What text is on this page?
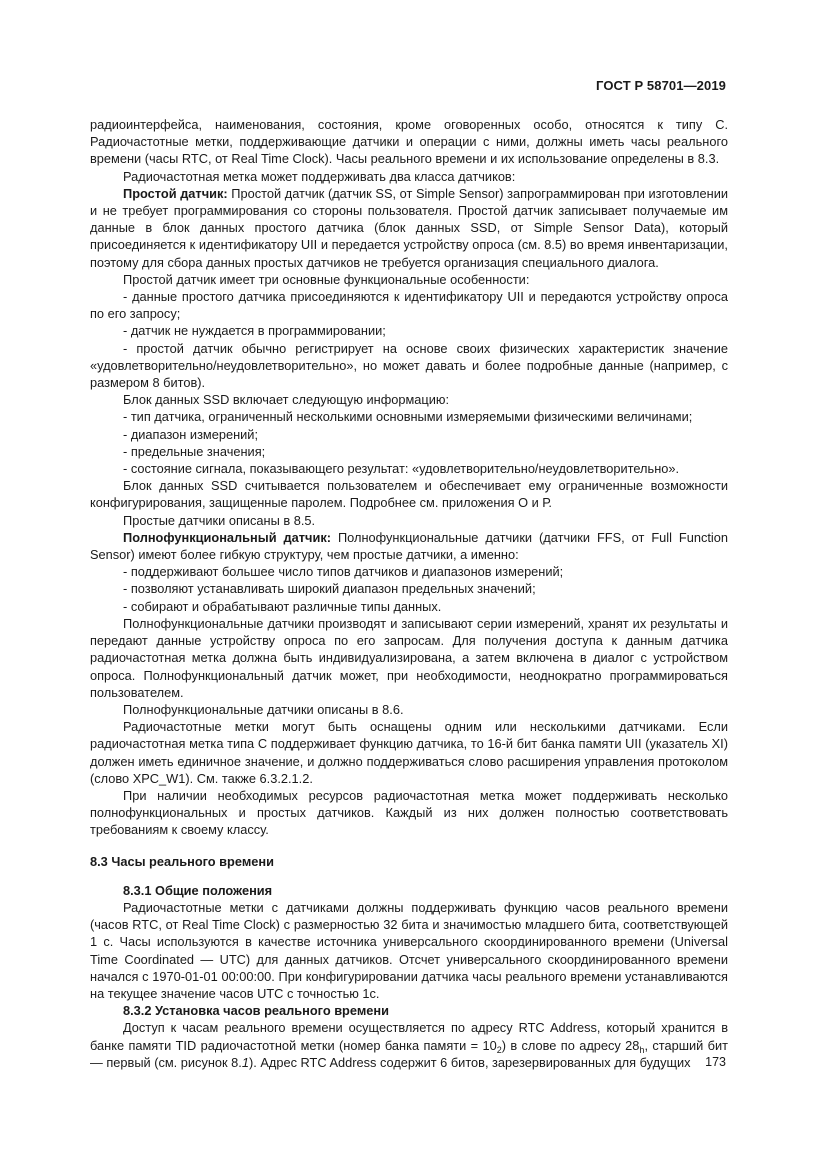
ГОСТ Р 58701—2019

радиоинтерфейса, наименования, состояния, кроме оговоренных особо, относятся к типу С. Радиочастотные метки, поддерживающие датчики и операции с ними, должны иметь часы реального времени (часы RTC, от Real Time Clock). Часы реального времени и их использование определены в 8.3.

Радиочастотная метка может поддерживать два класса датчиков:

Простой датчик: Простой датчик (датчик SS, от Simple Sensor) запрограммирован при изготовлении и не требует программирования со стороны пользователя. Простой датчик записывает получаемые им данные в блок данных простого датчика (блок данных SSD, от Simple Sensor Data), который присоединяется к идентификатору UII и передается устройству опроса (см. 8.5) во время инвентаризации, поэтому для сбора данных простых датчиков не требуется организация специального диалога.

Простой датчик имеет три основные функциональные особенности:

- данные простого датчика присоединяются к идентификатору UII и передаются устройству опроса по его запросу;

- датчик не нуждается в программировании;

- простой датчик обычно регистрирует на основе своих физических характеристик значение «удовлетворительно/неудовлетворительно», но может давать и более подробные данные (например, с размером 8 битов).

Блок данных SSD включает следующую информацию:

- тип датчика, ограниченный несколькими основными измеряемыми физическими величинами;

- диапазон измерений;

- предельные значения;

- состояние сигнала, показывающего результат: «удовлетворительно/неудовлетворительно».

Блок данных SSD считывается пользователем и обеспечивает ему ограниченные возможности конфигурирования, защищенные паролем. Подробнее см. приложения О и Р.

Простые датчики описаны в 8.5.

Полнофункциональный датчик: Полнофункциональные датчики (датчики FFS, от Full Function Sensor) имеют более гибкую структуру, чем простые датчики, а именно:

- поддерживают большее число типов датчиков и диапазонов измерений;

- позволяют устанавливать широкий диапазон предельных значений;

- собирают и обрабатывают различные типы данных.

Полнофункциональные датчики производят и записывают серии измерений, хранят их результаты и передают данные устройству опроса по его запросам. Для получения доступа к данным датчика радиочастотная метка должна быть индивидуализирована, а затем включена в диалог с устройством опроса. Полнофункциональный датчик может, при необходимости, неоднократно программироваться пользователем.

Полнофункциональные датчики описаны в 8.6.

Радиочастотные метки могут быть оснащены одним или несколькими датчиками. Если радиочастотная метка типа С поддерживает функцию датчика, то 16-й бит банка памяти UII (указатель XI) должен иметь единичное значение, и должно поддерживаться слово расширения управления протоколом (слово XPC_W1). См. также 6.3.2.1.2.

При наличии необходимых ресурсов радиочастотная метка может поддерживать несколько полнофункциональных и простых датчиков. Каждый из них должен полностью соответствовать требованиям к своему классу.

8.3 Часы реального времени

8.3.1 Общие положения

Радиочастотные метки с датчиками должны поддерживать функцию часов реального времени (часов RTC, от Real Time Clock) с размерностью 32 бита и значимостью младшего бита, соответствующей 1 с. Часы используются в качестве источника универсального скоординированного времени (Universal Time Coordinated — UTC) для данных датчиков. Отсчет универсального скоординированного времени начался с 1970-01-01 00:00:00. При конфигурировании датчика часы реального времени устанавливаются на текущее значение часов UTC с точностью 1с.

8.3.2 Установка часов реального времени

Доступ к часам реального времени осуществляется по адресу RTC Address, который хранится в банке памяти TID радиочастотной метки (номер банка памяти = $10_2$) в слове по адресу $28_h$, старший бит — первый (см. рисунок 8.1). Адрес RTC Address содержит 6 битов, зарезервированных для будущих	173
